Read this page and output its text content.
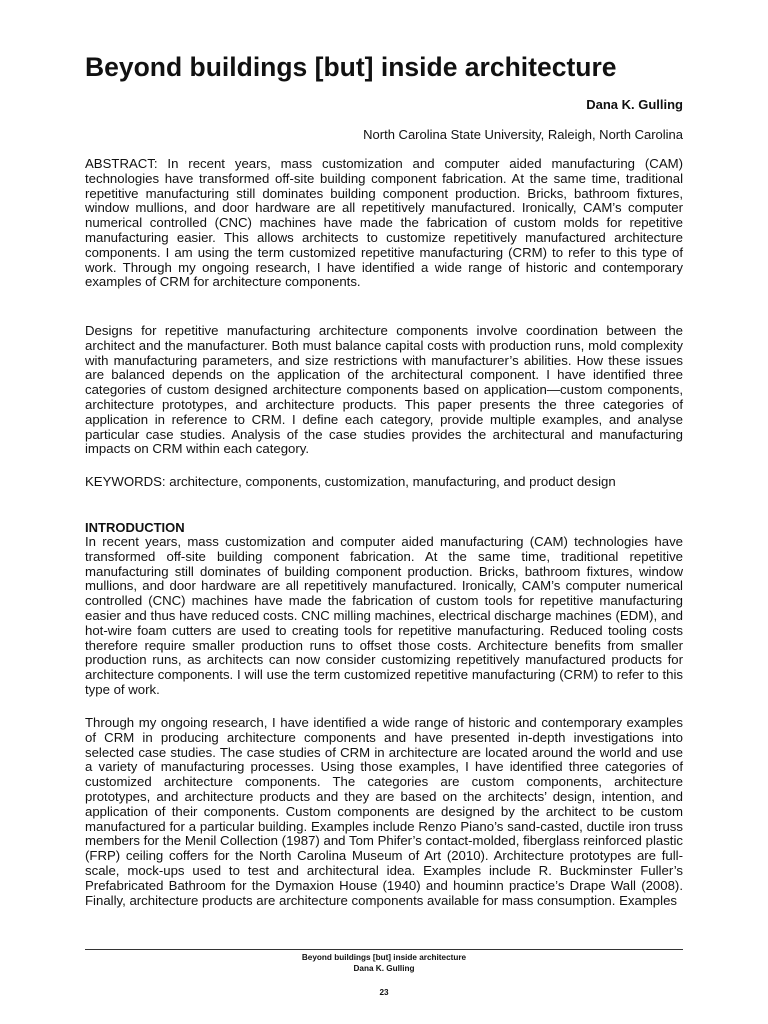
Beyond buildings [but] inside architecture
Dana K. Gulling
North Carolina State University, Raleigh, North Carolina

ABSTRACT: In recent years, mass customization and computer aided manufacturing (CAM) technologies have transformed off-site building component fabrication. At the same time, traditional repetitive manufacturing still dominates building component production. Bricks, bathroom fixtures, window mullions, and door hardware are all repetitively manufactured. Ironically, CAM’s computer numerical controlled (CNC) machines have made the fabrication of custom molds for repetitive manufacturing easier. This allows architects to customize repetitively manufactured architecture components. I am using the term customized repetitive manufacturing (CRM) to refer to this type of work. Through my ongoing research, I have identified a wide range of historic and contemporary examples of CRM for architecture components.

Designs for repetitive manufacturing architecture components involve coordination between the architect and the manufacturer. Both must balance capital costs with production runs, mold complexity with manufacturing parameters, and size restrictions with manufacturer’s abilities. How these issues are balanced depends on the application of the architectural component. I have identified three categories of custom designed architecture components based on application—custom components, architecture prototypes, and architecture products. This paper presents the three categories of application in reference to CRM. I define each category, provide multiple examples, and analyse particular case studies. Analysis of the case studies provides the architectural and manufacturing impacts on CRM within each category.

KEYWORDS: architecture, components, customization, manufacturing, and product design

INTRODUCTION

In recent years, mass customization and computer aided manufacturing (CAM) technologies have transformed off-site building component fabrication. At the same time, traditional repetitive manufacturing still dominates of building component production. Bricks, bathroom fixtures, window mullions, and door hardware are all repetitively manufactured. Ironically, CAM’s computer numerical controlled (CNC) machines have made the fabrication of custom tools for repetitive manufacturing easier and thus have reduced costs. CNC milling machines, electrical discharge machines (EDM), and hot-wire foam cutters are used to creating tools for repetitive manufacturing. Reduced tooling costs therefore require smaller production runs to offset those costs. Architecture benefits from smaller production runs, as architects can now consider customizing repetitively manufactured products for architecture components. I will use the term customized repetitive manufacturing (CRM) to refer to this type of work.

Through my ongoing research, I have identified a wide range of historic and contemporary examples of CRM in producing architecture components and have presented in-depth investigations into selected case studies. The case studies of CRM in architecture are located around the world and use a variety of manufacturing processes. Using those examples, I have identified three categories of customized architecture components. The categories are custom components, architecture prototypes, and architecture products and they are based on the architects’ design, intention, and application of their components. Custom components are designed by the architect to be custom manufactured for a particular building. Examples include Renzo Piano’s sand-casted, ductile iron truss members for the Menil Collection (1987) and Tom Phifer’s contact-molded, fiberglass reinforced plastic (FRP) ceiling coffers for the North Carolina Museum of Art (2010). Architecture prototypes are full-scale, mock-ups used to test and architectural idea. Examples include R. Buckminster Fuller’s Prefabricated Bathroom for the Dymaxion House (1940) and houminn practice’s Drape Wall (2008). Finally, architecture products are architecture components available for mass consumption. Examples

Beyond buildings [but] inside architecture
Dana K. Gulling
23
